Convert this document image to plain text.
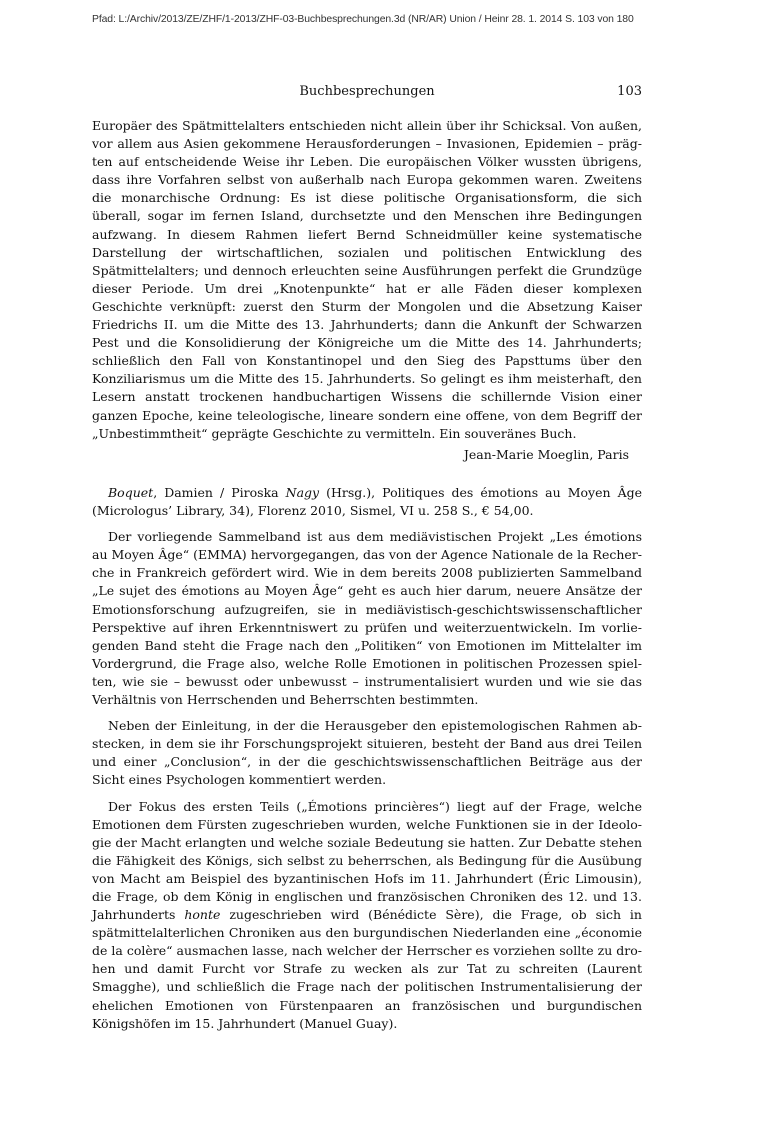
Pfad: L:/Archiv/2013/ZE/ZHF/1-2013/ZHF-03-Buchbesprechungen.3d (NR/AR) Union / Heinr 28. 1. 2014 S. 103 von 180
Buchbesprechungen	103

Europäer des Spätmittelalters entschieden nicht allein über ihr Schicksal. Von außen, vor allem aus Asien gekommene Herausforderungen – Invasionen, Epidemien – prägten auf entscheidende Weise ihr Leben. Die europäischen Völker wussten übrigens, dass ihre Vorfahren selbst von außerhalb nach Europa gekommen waren. Zweitens die monarchische Ordnung: Es ist diese politische Organisationsform, die sich überall, sogar im fernen Island, durchsetzte und den Menschen ihre Bedingungen aufzwang. In diesem Rahmen liefert Bernd Schneidmüller keine systematische Darstellung der wirtschaftlichen, sozialen und politischen Entwicklung des Spätmittelalters; und dennoch erleuchten seine Ausführungen perfekt die Grundzüge dieser Periode. Um drei „Knotenpunkte“ hat er alle Fäden dieser komplexen Geschichte verknüpft: zuerst den Sturm der Mongolen und die Absetzung Kaiser Friedrichs II. um die Mitte des 13. Jahrhunderts; dann die Ankunft der Schwarzen Pest und die Konsolidierung der Königreiche um die Mitte des 14. Jahrhunderts; schließlich den Fall von Konstantinopel und den Sieg des Papsttums über den Konziliarismus um die Mitte des 15. Jahrhunderts. So gelingt es ihm meisterhaft, den Lesern anstatt trockenen handbuchartigen Wissens die schillernde Vision einer ganzen Epoche, keine teleologische, lineare sondern eine offene, von dem Begriff der „Unbestimmtheit“ geprägte Geschichte zu vermitteln. Ein souveränes Buch.

Jean-Marie Moeglin, Paris

Boquet, Damien / Piroska Nagy (Hrsg.), Politiques des émotions au Moyen Âge (Micrologus’ Library, 34), Florenz 2010, Sismel, VI u. 258 S., € 54,00.

Der vorliegende Sammelband ist aus dem mediävistischen Projekt „Les émotions au Moyen Âge“ (EMMA) hervorgegangen, das von der Agence Nationale de la Recherche in Frankreich gefördert wird. Wie in dem bereits 2008 publizierten Sammelband „Le sujet des émotions au Moyen Âge“ geht es auch hier darum, neuere Ansätze der Emotionsforschung aufzugreifen, sie in mediävistisch-geschichtswissenschaftlicher Perspektive auf ihren Erkenntniswert zu prüfen und weiterzuentwickeln. Im vorliegenden Band steht die Frage nach den „Politiken“ von Emotionen im Mittelalter im Vordergrund, die Frage also, welche Rolle Emotionen in politischen Prozessen spielten, wie sie – bewusst oder unbewusst – instrumentalisiert wurden und wie sie das Verhältnis von Herrschenden und Beherrschten bestimmten.

Neben der Einleitung, in der die Herausgeber den epistemologischen Rahmen abstecken, in dem sie ihr Forschungsprojekt situieren, besteht der Band aus drei Teilen und einer „Conclusion“, in der die geschichtswissenschaftlichen Beiträge aus der Sicht eines Psychologen kommentiert werden.

Der Fokus des ersten Teils („Émotions princières“) liegt auf der Frage, welche Emotionen dem Fürsten zugeschrieben wurden, welche Funktionen sie in der Ideologie der Macht erlangten und welche soziale Bedeutung sie hatten. Zur Debatte stehen die Fähigkeit des Königs, sich selbst zu beherrschen, als Bedingung für die Ausübung von Macht am Beispiel des byzantinischen Hofs im 11. Jahrhundert (Éric Limousin), die Frage, ob dem König in englischen und französischen Chroniken des 12. und 13. Jahrhunderts honte zugeschrieben wird (Bénédicte Sère), die Frage, ob sich in spätmittelalterlichen Chroniken aus den burgundischen Niederlanden eine „économie de la colère“ ausmachen lasse, nach welcher der Herrscher es vorziehen sollte zu drohen und damit Furcht vor Strafe zu wecken als zur Tat zu schreiten (Laurent Smagghe), und schließlich die Frage nach der politischen Instrumentalisierung der ehelichen Emotionen von Fürstenpaaren an französischen und burgundischen Königshöfen im 15. Jahrhundert (Manuel Guay).
